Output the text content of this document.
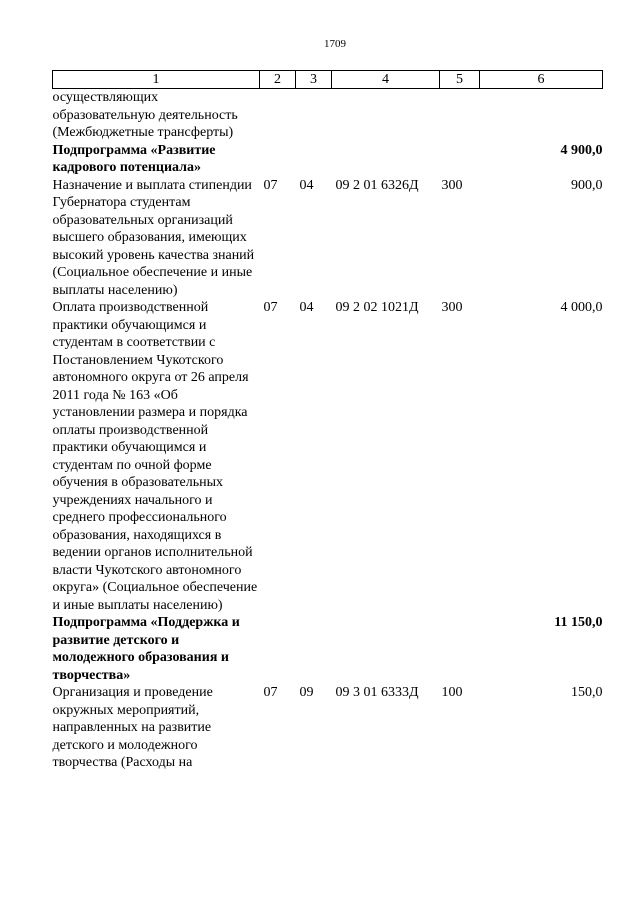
1709
1	2	3	4	5	6
осуществляющих образовательную деятельность (Межбюджетные трансферты)					
Подпрограмма «Развитие кадрового потенциала»					4 900,0
Назначение и выплата стипендии Губернатора студентам образовательных организаций высшего образования, имеющих высокий уровень качества знаний (Социальное обеспечение и иные выплаты населению)	07	04	09 2 01 6326Д	300	900,0
Оплата производственной практики обучающимся и студентам в соответствии с Постановлением Чукотского автономного округа от 26 апреля 2011 года № 163 «Об установлении размера и порядка оплаты производственной практики обучающимся и студентам по очной форме обучения в образовательных учреждениях начального и среднего профессионального образования, находящихся в ведении органов исполнительной власти Чукотского автономного округа» (Социальное обеспечение и иные выплаты населению)	07	04	09 2 02 1021Д	300	4 000,0
Подпрограмма «Поддержка и развитие детского и молодежного образования и творчества»					11 150,0
Организация и проведение окружных мероприятий, направленных на развитие детского и молодежного творчества (Расходы на	07	09	09 3 01 6333Д	100	150,0
